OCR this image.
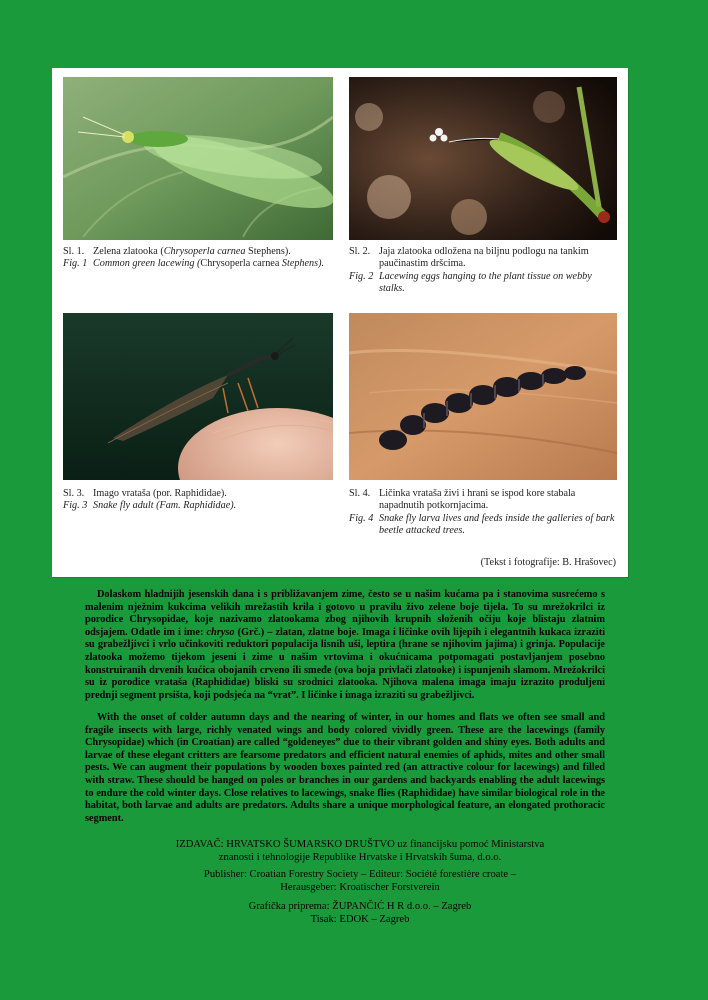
Sl. 1. Zelena zlatooka (Chrysoperla carnea Stephens).
Fig. 1 Common green lacewing (Chrysoperla carnea Stephens).
Sl. 2. Jaja zlatooka odložena na biljnu podlogu na tankim paučinastim dršcima.
Fig. 2 Lacewing eggs hanging to the plant tissue on webby stalks.
Sl. 3. Imago vrataša (por. Raphididae).
Fig. 3 Snake fly adult (Fam. Raphididae).
Sl. 4. Ličinka vrataša živi i hrani se ispod kore stabala napadnutih potkornjacima.
Fig. 4 Snake fly larva lives and feeds inside the galleries of bark beetle attacked trees.
(Tekst i fotografije: B. Hrašovec)

Dolaskom hladnijih jesenskih dana i s približavanjem zime, često se u našim kućama pa i stanovima susrećemo s malenim nježnim kukcima velikih mrežastih krila i gotovo u pravilu živo zelene boje tijela. To su mrežokrilci iz porodice Chrysopidae, koje nazivamo zlatookama zbog njihovih krupnih složenih očiju koje blistaju zlatnim odsjajem. Odatle im i ime: chryso (Grč.) – zlatan, zlatne boje. Imaga i ličinke ovih lijepih i elegantnih kukaca izraziti su grabežljivci i vrlo učinkoviti reduktori populacija lisnih uši, leptira (hrane se njihovim jajima) i grinja. Populacije zlatooka možemo tijekom jeseni i zime u našim vrtovima i okućnicama potpomagati postavljanjem posebno konstruiranih drvenih kućica obojanih crveno ili smeđe (ova boja privlači zlatooke) i ispunjenih slamom. Mrežokrilci su iz porodice vrataša (Raphididae) bliski su srodnici zlatooka. Njihova malena imaga imaju izrazito produljeni prednji segment prsišta, koji podsjeća na “vrat”. I ličinke i imaga izraziti su grabežljivci.

With the onset of colder autumn days and the nearing of winter, in our homes and flats we often see small and fragile insects with large, richly venated wings and body colored vividly green. These are the lacewings (family Chrysopidae) which (in Croatian) are called “goldeneyes” due to their vibrant golden and shiny eyes. Both adults and larvae of these elegant critters are fearsome predators and efficient natural enemies of aphids, mites and other small pests. We can augment their populations by wooden boxes painted red (an attractive colour for lacewings) and filled with straw. These should be hanged on poles or branches in our gardens and backyards enabling the adult lacewings to endure the cold winter days. Close relatives to lacewings, snake flies (Raphididae) have similar biological role in the habitat, both larvae and adults are predators. Adults share a unique morphological feature, an elongated prothoracic segment.

IZDAVAČ: HRVATSKO ŠUMARSKO DRUŠTVO uz financijsku pomoć Ministarstva
znanosti i tehnologije Republike Hrvatske i Hrvatskih šuma, d.o.o.
Publisher: Croatian Forestry Society – Editeur: Société forestière croate –
Herausgeber: Kroatischer Forstverein
Grafička priprema: ŽUPANČIĆ H R d.o.o. – Zagreb
Tisak: EDOK – Zagreb
